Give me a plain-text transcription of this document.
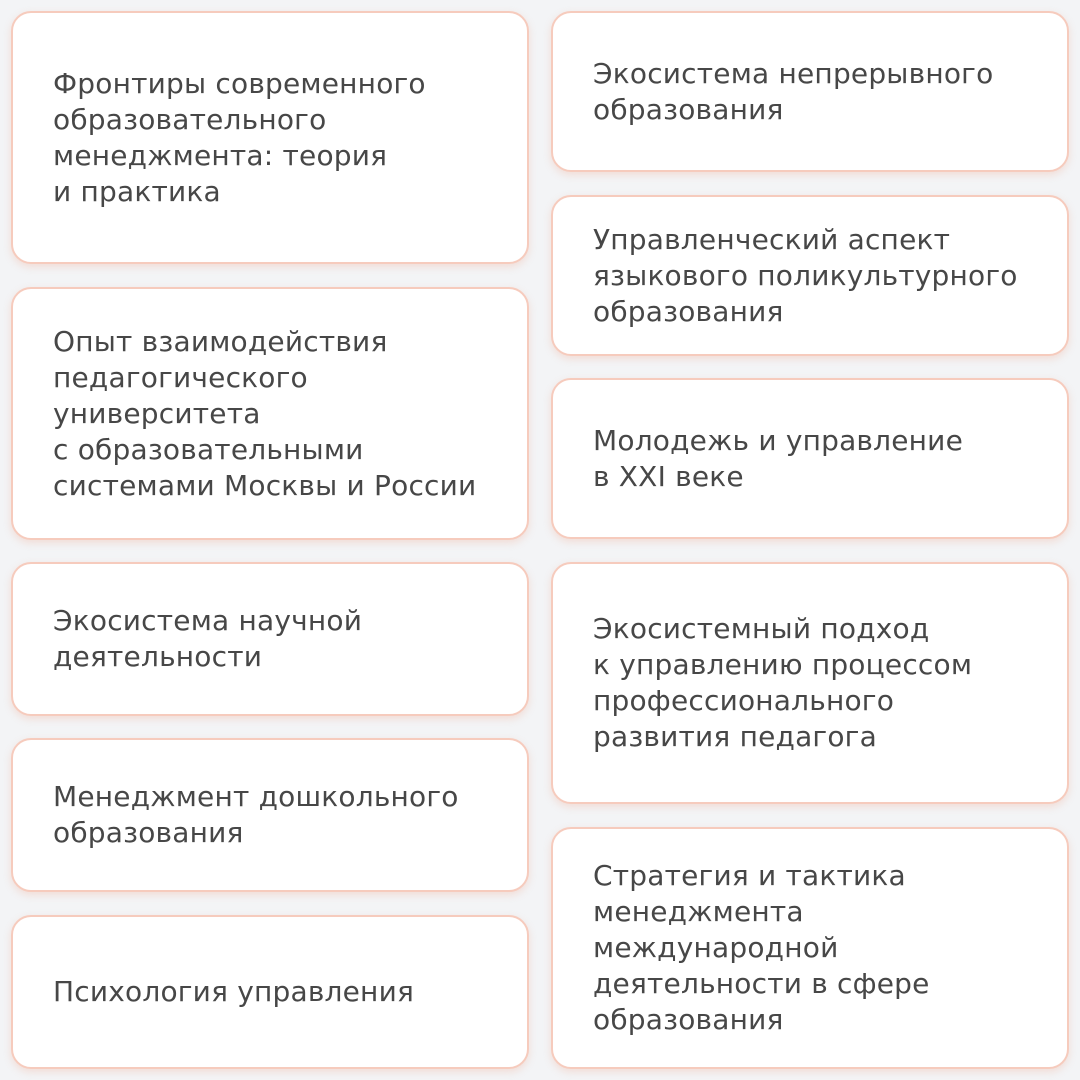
Фронтиры современного
образовательного
менеджмента: теория
и практика
Опыт взаимодействия
педагогического
университета
с образовательными
системами Москвы и России
Экосистема научной
деятельности
Менеджмент дошкольного
образования
Психология управления
Экосистема непрерывного
образования
Управленческий аспект
языкового поликультурного
образования
Молодежь и управление
в XXI веке
Экосистемный подход
к управлению процессом
профессионального
развития педагога
Стратегия и тактика
менеджмента
международной
деятельности в сфере
образования
